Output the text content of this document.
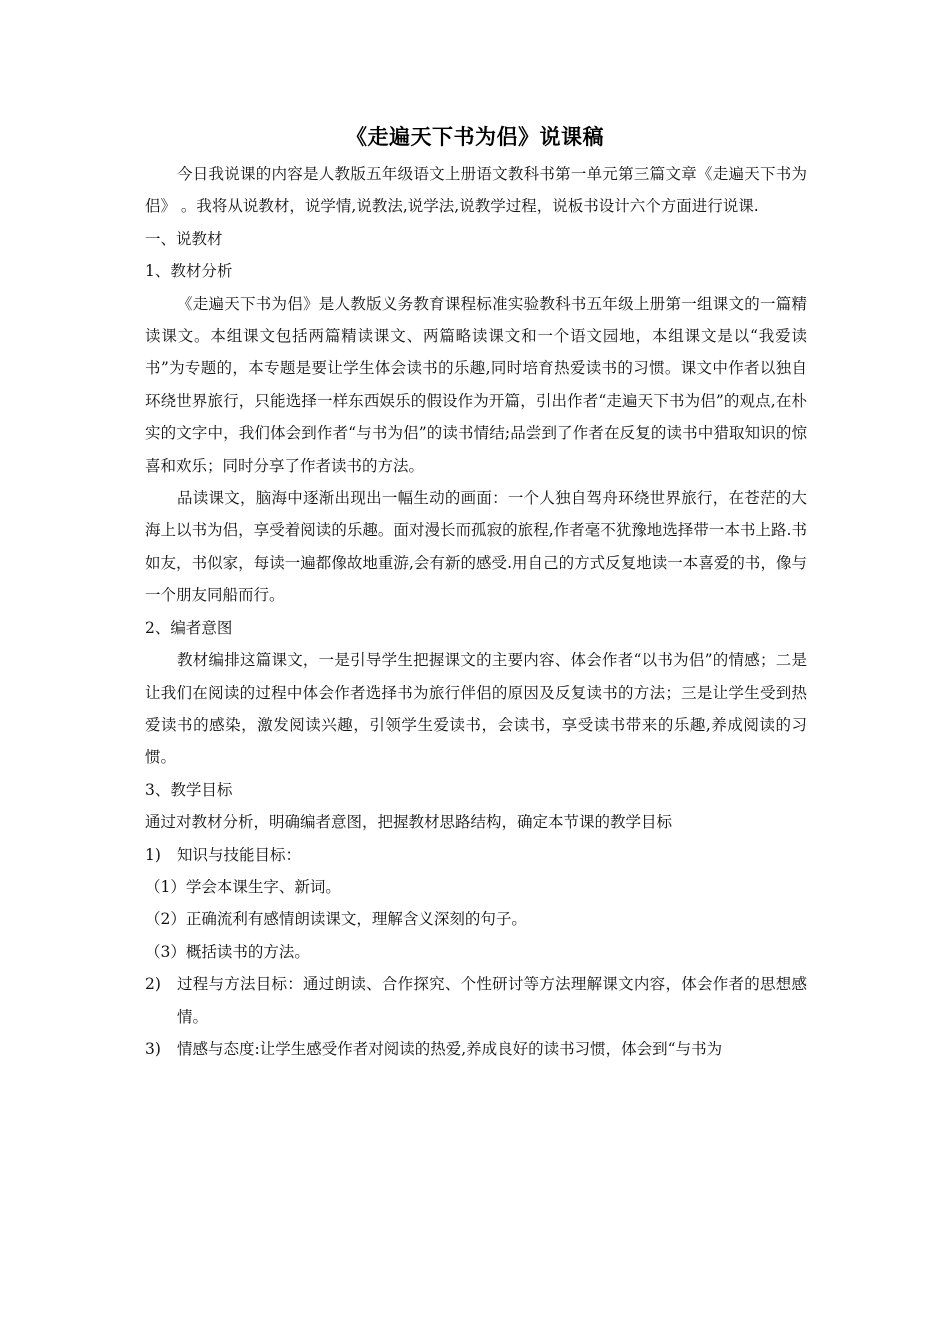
《走遍天下书为侣》说课稿

今日我说课的内容是人教版五年级语文上册语文教科书第一单元第三篇文章《走遍天下书为侣》 。我将从说教材，说学情,说教法,说学法,说教学过程，说板书设计六个方面进行说课.

一、说教材

1、教材分析

《走遍天下书为侣》是人教版义务教育课程标准实验教科书五年级上册第一组课文的一篇精读课文。本组课文包括两篇精读课文、两篇略读课文和一个语文园地，本组课文是以“我爱读书”为专题的，本专题是要让学生体会读书的乐趣,同时培育热爱读书的习惯。课文中作者以独自环绕世界旅行，只能选择一样东西娱乐的假设作为开篇，引出作者“走遍天下书为侣”的观点,在朴实的文字中，我们体会到作者“与书为侣”的读书情结;品尝到了作者在反复的读书中猎取知识的惊喜和欢乐；同时分享了作者读书的方法。

品读课文，脑海中逐渐出现出一幅生动的画面：一个人独自驾舟环绕世界旅行，在苍茫的大海上以书为侣，享受着阅读的乐趣。面对漫长而孤寂的旅程,作者毫不犹豫地选择带一本书上路.书如友，书似家，每读一遍都像故地重游,会有新的感受.用自己的方式反复地读一本喜爱的书，像与一个朋友同船而行。

2、编者意图

教材编排这篇课文，一是引导学生把握课文的主要内容、体会作者“以书为侣”的情感；二是让我们在阅读的过程中体会作者选择书为旅行伴侣的原因及反复读书的方法；三是让学生受到热爱读书的感染，激发阅读兴趣，引领学生爱读书，会读书，享受读书带来的乐趣,养成阅读的习惯。

3、教学目标

通过对教材分析，明确编者意图，把握教材思路结构，确定本节课的教学目标

1) 知识与技能目标：

（1）学会本课生字、新词。

（2）正确流利有感情朗读课文，理解含义深刻的句子。

（3）概括读书的方法。

2) 过程与方法目标：通过朗读、合作探究、个性研讨等方法理解课文内容，体会作者的思想感情。

3) 情感与态度:让学生感受作者对阅读的热爱,养成良好的读书习惯，体会到“与书为
